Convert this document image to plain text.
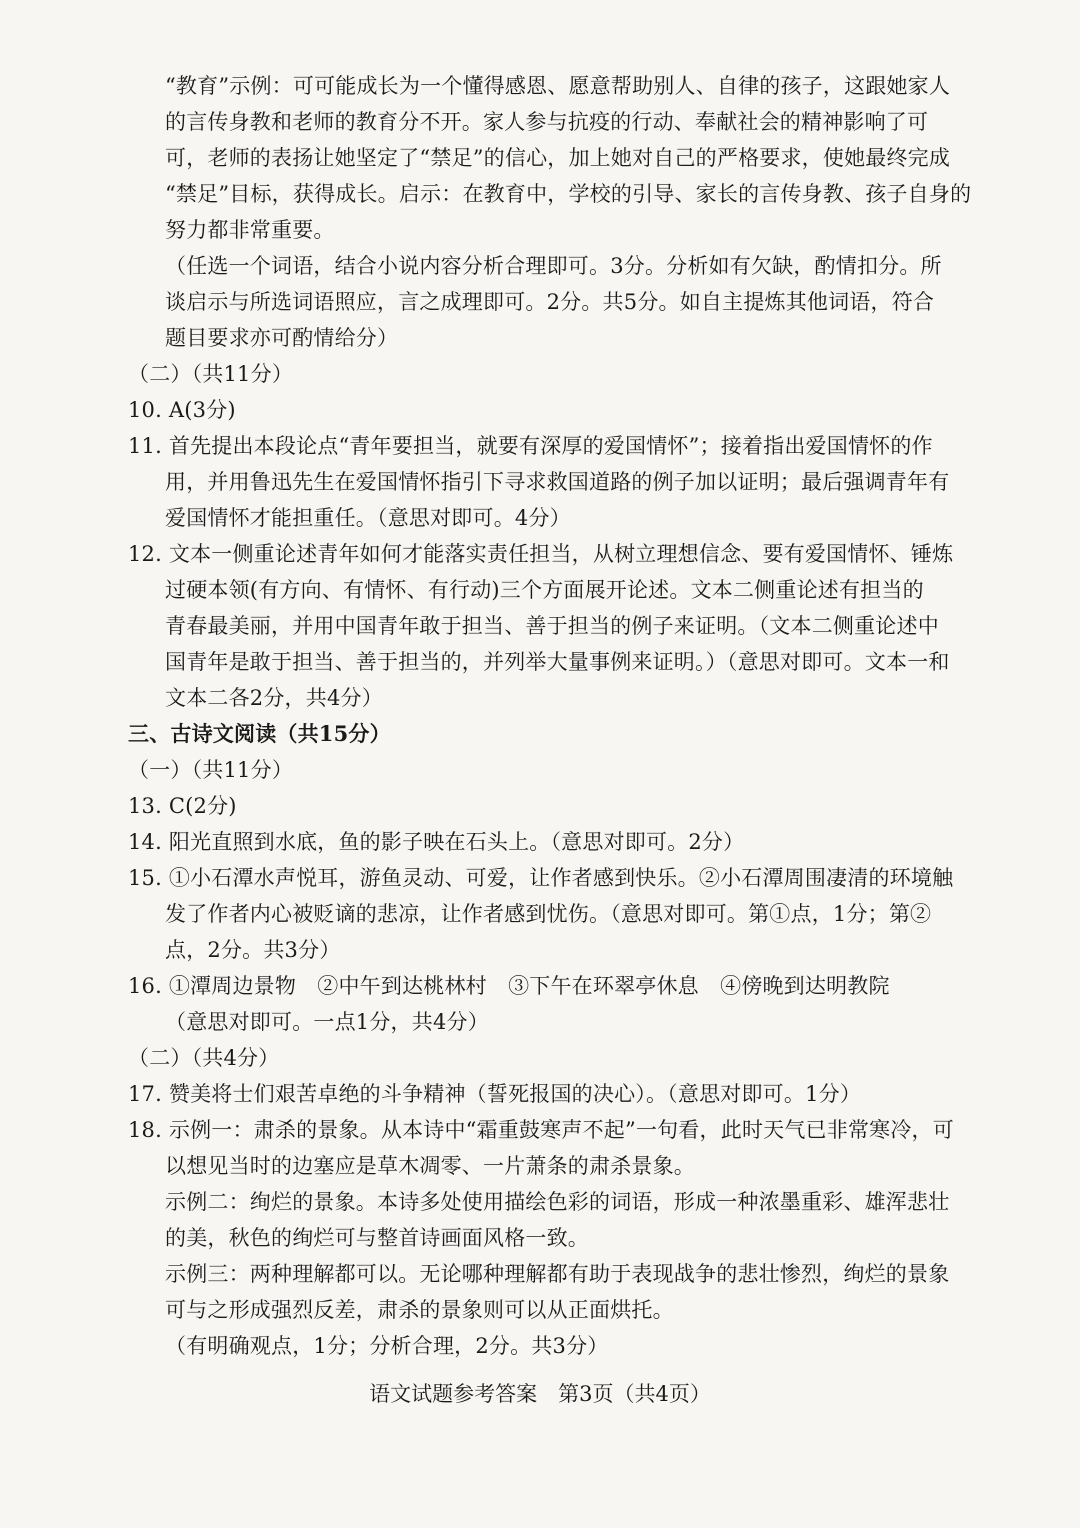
“教育”示例：可可能成长为一个懂得感恩、愿意帮助别人、自律的孩子，这跟她家人
的言传身教和老师的教育分不开。家人参与抗疫的行动、奉献社会的精神影响了可
可，老师的表扬让她坚定了“禁足”的信心，加上她对自己的严格要求，使她最终完成
“禁足”目标，获得成长。启示：在教育中，学校的引导、家长的言传身教、孩子自身的
努力都非常重要。
（任选一个词语，结合小说内容分析合理即可。3分。分析如有欠缺，酌情扣分。所
谈启示与所选词语照应，言之成理即可。2分。共5分。如自主提炼其他词语，符合
题目要求亦可酌情给分）
（二）（共11分）
10. A(3分)
11. 首先提出本段论点“青年要担当，就要有深厚的爱国情怀”；接着指出爱国情怀的作
用，并用鲁迅先生在爱国情怀指引下寻求救国道路的例子加以证明；最后强调青年有
爱国情怀才能担重任。（意思对即可。4分）
12. 文本一侧重论述青年如何才能落实责任担当，从树立理想信念、要有爱国情怀、锤炼
过硬本领(有方向、有情怀、有行动)三个方面展开论述。文本二侧重论述有担当的
青春最美丽，并用中国青年敢于担当、善于担当的例子来证明。（文本二侧重论述中
国青年是敢于担当、善于担当的，并列举大量事例来证明。）（意思对即可。文本一和
文本二各2分，共4分）
三、古诗文阅读（共15分）
（一）（共11分）
13. C(2分)
14. 阳光直照到水底，鱼的影子映在石头上。（意思对即可。2分）
15. ①小石潭水声悦耳，游鱼灵动、可爱，让作者感到快乐。②小石潭周围凄清的环境触
发了作者内心被贬谪的悲凉，让作者感到忧伤。（意思对即可。第①点，1分；第②
点，2分。共3分）
16. ①潭周边景物　②中午到达桃林村　③下午在环翠亭休息　④傍晚到达明教院
（意思对即可。一点1分，共4分）
（二）（共4分）
17. 赞美将士们艰苦卓绝的斗争精神（誓死报国的决心）。（意思对即可。1分）
18. 示例一：肃杀的景象。从本诗中“霜重鼓寒声不起”一句看，此时天气已非常寒冷，可
以想见当时的边塞应是草木凋零、一片萧条的肃杀景象。
示例二：绚烂的景象。本诗多处使用描绘色彩的词语，形成一种浓墨重彩、雄浑悲壮
的美，秋色的绚烂可与整首诗画面风格一致。
示例三：两种理解都可以。无论哪种理解都有助于表现战争的悲壮惨烈，绚烂的景象
可与之形成强烈反差，肃杀的景象则可以从正面烘托。
（有明确观点，1分；分析合理，2分。共3分）
语文试题参考答案　第3页（共4页）
